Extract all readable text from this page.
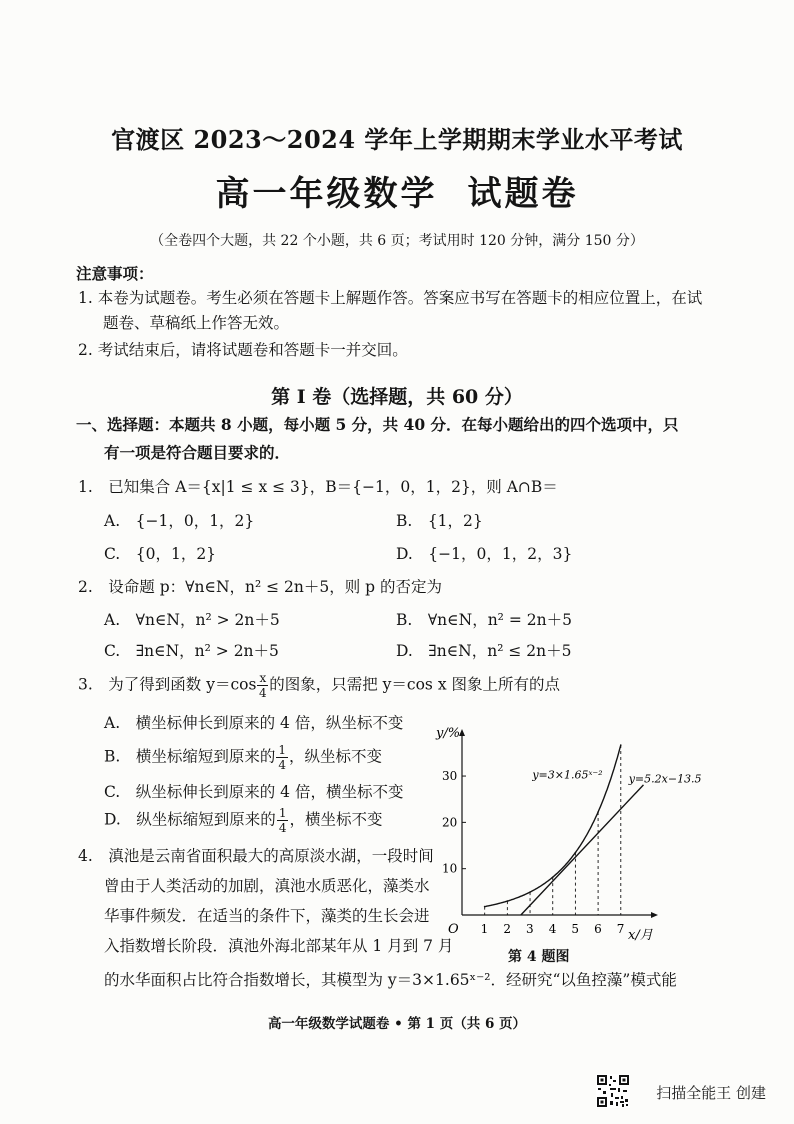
官渡区 2023～2024 学年上学期期末学业水平考试
高一年级数学 试题卷
（全卷四个大题，共 22 个小题，共 6 页；考试用时 120 分钟，满分 150 分）
注意事项：
1. 本卷为试题卷。考生必须在答题卡上解题作答。答案应书写在答题卡的相应位置上，在试
题卷、草稿纸上作答无效。
2. 考试结束后，请将试题卷和答题卡一并交回。
第 I 卷（选择题，共 60 分）
一、选择题：本题共 8 小题，每小题 5 分，共 40 分．在每小题给出的四个选项中，只
有一项是符合题目要求的．
1.　已知集合 A＝{x|1 ≤ x ≤ 3}，B＝{−1，0，1，2}，则 A∩B＝
A.　{−1，0，1，2}	B.　{1，2}
C.　{0，1，2}	D.　{−1，0，1，2，3}
2.　设命题 p：∀n∈N，n² ≤ 2n＋5，则 p 的否定为
A.　∀n∈N，n² > 2n＋5	B.　∀n∈N，n² = 2n＋5
C.　∃n∈N，n² > 2n＋5	D.　∃n∈N，n² ≤ 2n＋5
3.　为了得到函数 $y=\cos \frac{x}{4}$ 的图象，只需把 y＝cos x 图象上所有的点
A.　横坐标伸长到原来的 4 倍，纵坐标不变
B.　横坐标缩短到原来的 $\frac{1}{4}$ ，纵坐标不变
C.　纵坐标伸长到原来的 4 倍，横坐标不变
D.　纵坐标缩短到原来的 $\frac{1}{4}$ ，横坐标不变
4.　滇池是云南省面积最大的高原淡水湖，一段时间
曾由于人类活动的加剧，滇池水质恶化，藻类水
华事件频发．在适当的条件下，藻类的生长会进
入指数增长阶段．滇池外海北部某年从 1 月到 7 月
的水华面积占比符合指数增长，其模型为 y＝3×1.65ˣ⁻²．经研究“以鱼控藻”模式能
x/月
y/%
O 1 2 3 4 5 6 7
10
20
30	y=3×1.65ˣ⁻² y=5.2x−13.5
第 4 题图
高一年级数学试题卷 • 第 1 页（共 6 页）
扫描全能王 创建
